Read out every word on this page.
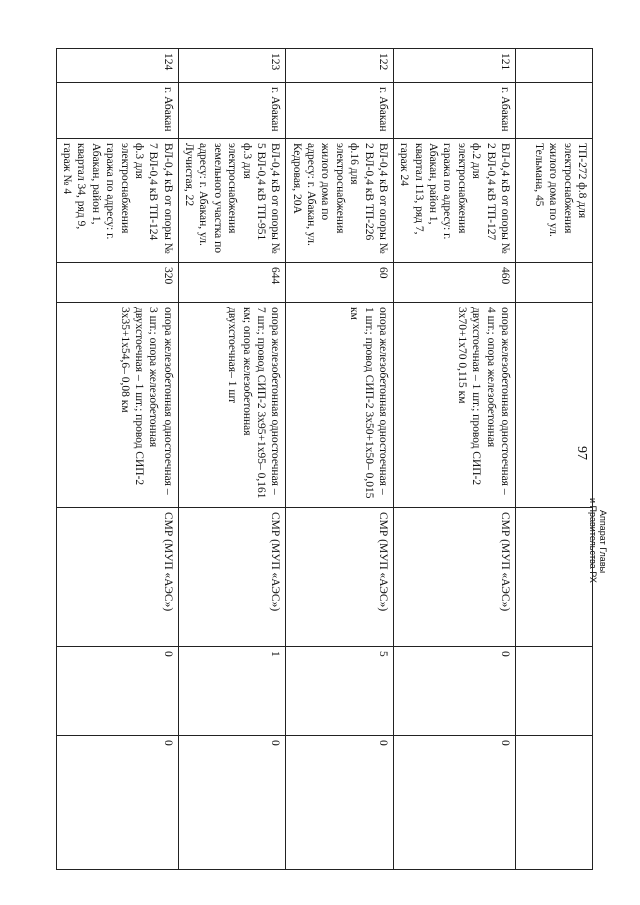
97
Аппарат Главы
и Правительства РХ
		ТП-272 ф.8 для электроснабжения жилого дома по ул. Тельмана, 45					
121	г. Абакан	ВЛ-0,4 кВ от опоры № 2 ВЛ-0,4 кВ ТП-127 ф.2 для электроснабжения гаража по адресу: г. Абакан, район 1, квартал 113, ряд 7, гараж 24	460	опора железобетонная одностоечная – 4 шт.; опора железобетонная двухстоечная – 1 шт.; провод СИП-2 3х70+1х70 0,115 км	СМР (МУП «АЭС»)	0	0
122	г. Абакан	ВЛ-0,4 кВ от опоры № 2 ВЛ-0,4 кВ ТП-226 ф.16 для электроснабжения жилого дома по адресу: г. Абакан, ул. Кедровая, 20А	60	опора железобетонная одностоечная – 1 шт.; провод СИП-2 3х50+1х50– 0,015 км	СМР (МУП «АЭС»)	5	0
123	г. Абакан	ВЛ-0,4 кВ от опоры № 5 ВЛ-0,4 кВ ТП-951 ф.3 для электроснабжения земельного участка по адресу: г. Абакан, ул. Лучистая, 22	644	опора железобетонная одностоечная – 7 шт.; провод СИП-2 3х95+1х95– 0,161 км; опора железобетонная двухстоечная– 1 шт	СМР (МУП «АЭС»)	1	0
124	г. Абакан	ВЛ-0,4 кВ от опоры № 7 ВЛ-0,4 кВ ТП-124 ф.3 для электроснабжения гаража по адресу: г. Абакан, район 1, квартал 34, ряд 9, гараж № 4	320	опора железобетонная одностоечная – 3 шт.; опора железобетонная двухстоечная – 1 шт.; провод СИП-2 3х35+1х54,6– 0,08 км	СМР (МУП «АЭС»)	0	0
